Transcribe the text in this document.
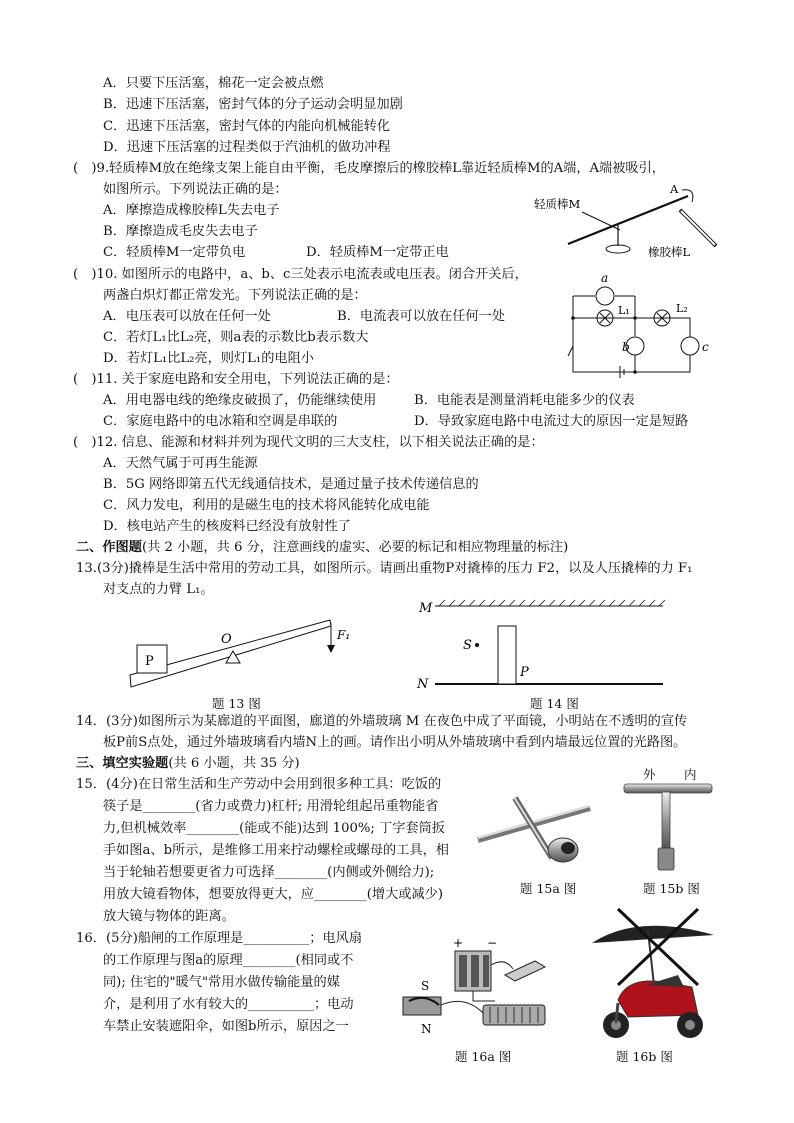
A．只要下压活塞，棉花一定会被点燃
B．迅速下压活塞，密封气体的分子运动会明显加剧
C．迅速下压活塞，密封气体的内能向机械能转化
D．迅速下压活塞的过程类似于汽油机的做功冲程
(　)9.轻质棒M放在绝缘支架上能自由平衡，毛皮摩擦后的橡胶棒L靠近轻质棒M的A端，A端被吸引，
如图所示。下列说法正确的是：
A．摩擦造成橡胶棒L失去电子
B．摩擦造成毛皮失去电子
C．轻质棒M一定带负电	D．轻质棒M一定带正电
轻质棒M
A
橡胶棒L
(　)10. 如图所示的电路中，a、b、c三处表示电流表或电压表。闭合开关后，
两盏白炽灯都正常发光。下列说法正确的是：
A．电压表可以放在任何一处	B．电流表可以放在任何一处
C．若灯L₁比L₂亮，则a表的示数比b表示数大
D．若灯L₁比L₂亮，则灯L₁的电阻小
a
L₁	L₂
b	c
(　)11. 关于家庭电路和安全用电，下列说法正确的是：
A．用电器电线的绝缘皮破损了，仍能继续使用	B．电能表是测量消耗电能多少的仪表
C．家庭电路中的电冰箱和空调是串联的	D．导致家庭电路中电流过大的原因一定是短路
(　)12. 信息、能源和材料并列为现代文明的三大支柱，以下相关说法正确的是：
A．天然气属于可再生能源
B．5G 网络即第五代无线通信技术，是通过量子技术传递信息的
C．风力发电，利用的是磁生电的技术将风能转化成电能
D．核电站产生的核废料已经没有放射性了
二、作图题(共 2 小题，共 6 分，注意画线的虚实、必要的标记和相应物理量的标注)
13.(3分)撬棒是生活中常用的劳动工具，如图所示。请画出重物P对撬棒的压力 F2，以及人压撬棒的力 F₁
对支点的力臂 L₁。
P
O	F₁
题 13 图
M
N
S
P
题 14 图
14．(3分)如图所示为某廊道的平面图，廊道的外墙玻璃 M 在夜色中成了平面镜，小明站在不透明的宣传
板P前S点处，通过外墙玻璃看内墙N上的画。请作出小明从外墙玻璃中看到内墙最远位置的光路图。
三、填空实验题(共 6 小题，共 35 分)
15．(4分)在日常生活和生产劳动中会用到很多种工具：吃饭的
筷子是________(省力或费力)杠杆; 用滑轮组起吊重物能省
力,但机械效率________(能或不能)达到 100%; 丁字套筒扳
手如图a、b所示，是维修工用来拧动螺栓或螺母的工具，相
当于轮轴若想要更省力可选择________(内侧或外侧给力);
用放大镜看物体，想要放得更大，应________(增大或减少)
放大镜与物体的距离。
题 15a 图
外 内
题 15b 图
16．(5分)船闸的工作原理是__________；电风扇
的工作原理与图a的原理________(相同或不
同); 住宅的"暖气"常用水做传输能量的媒
介，是利用了水有较大的__________；电动
车禁止安装遮阳伞，如图b所示，原因之一
+ −
S
N
题 16a 图	题 16b 图
